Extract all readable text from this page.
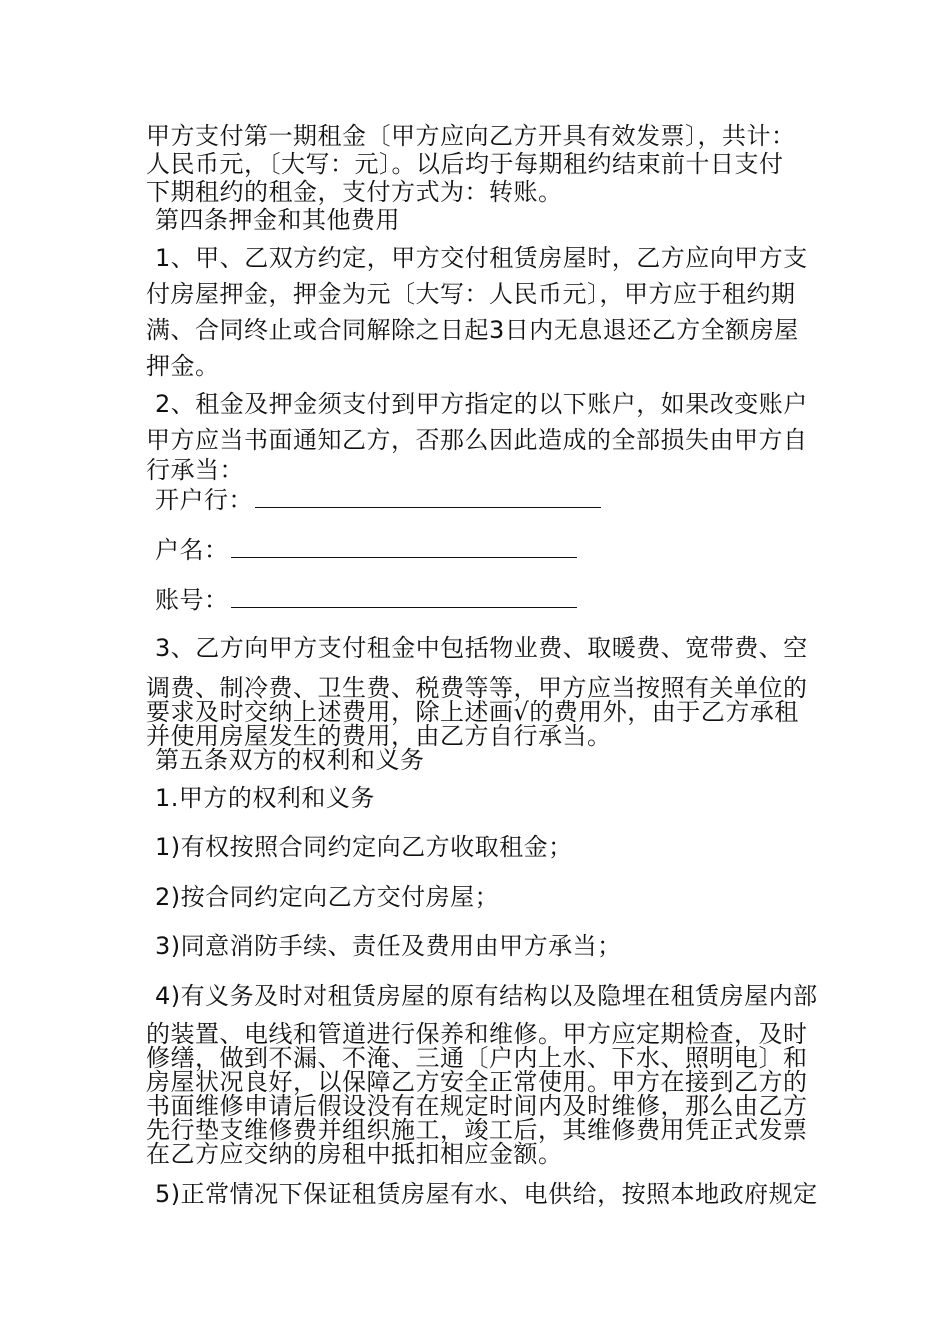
甲方支付第一期租金〔甲方应向乙方开具有效发票〕，共计：
人民币元，〔大写：元〕。以后均于每期租约结束前十日支付
下期租约的租金，支付方式为：转账。
第四条押金和其他费用
1、甲、乙双方约定，甲方交付租赁房屋时，乙方应向甲方支
付房屋押金，押金为元〔大写：人民币元〕，甲方应于租约期
满、合同终止或合同解除之日起3日内无息退还乙方全额房屋
押金。
2、租金及押金须支付到甲方指定的以下账户，如果改变账户
甲方应当书面通知乙方，否那么因此造成的全部损失由甲方自
行承当：
开户行：
户名：
账号：
3、乙方向甲方支付租金中包括物业费、取暖费、宽带费、空
调费、制冷费、卫生费、税费等等，甲方应当按照有关单位的
要求及时交纳上述费用，除上述画√的费用外，由于乙方承租
并使用房屋发生的费用，由乙方自行承当。
第五条双方的权利和义务
1.甲方的权利和义务
1)有权按照合同约定向乙方收取租金；
2)按合同约定向乙方交付房屋；
3)同意消防手续、责任及费用由甲方承当；
4)有义务及时对租赁房屋的原有结构以及隐埋在租赁房屋内部
的装置、电线和管道进行保养和维修。甲方应定期检查，及时
修缮，做到不漏、不淹、三通〔户内上水、下水、照明电〕和
房屋状况良好，以保障乙方安全正常使用。甲方在接到乙方的
书面维修申请后假设没有在规定时间内及时维修，那么由乙方
先行垫支维修费并组织施工，竣工后，其维修费用凭正式发票
在乙方应交纳的房租中抵扣相应金额。
5)正常情况下保证租赁房屋有水、电供给，按照本地政府规定
